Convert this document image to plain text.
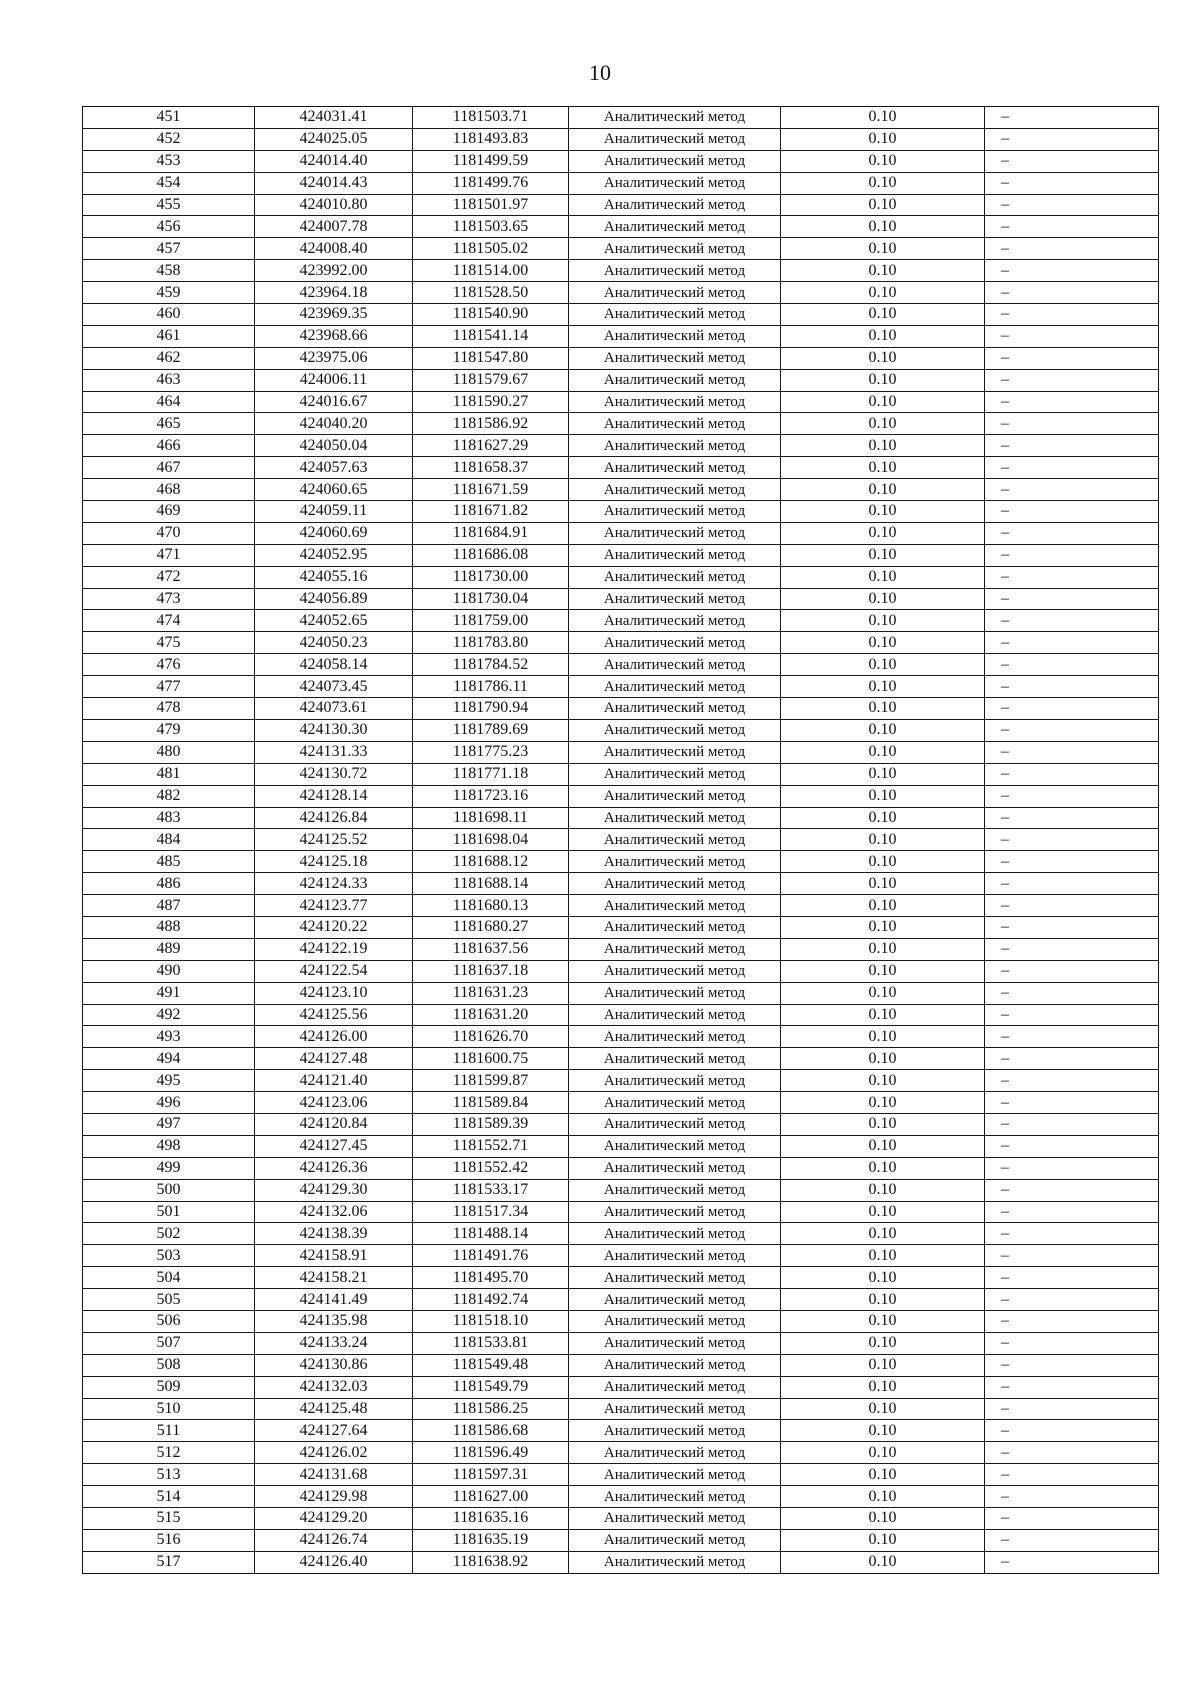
10
451	424031.41	1181503.71	Аналитический метод	0.10	–
452	424025.05	1181493.83	Аналитический метод	0.10	–
453	424014.40	1181499.59	Аналитический метод	0.10	–
454	424014.43	1181499.76	Аналитический метод	0.10	–
455	424010.80	1181501.97	Аналитический метод	0.10	–
456	424007.78	1181503.65	Аналитический метод	0.10	–
457	424008.40	1181505.02	Аналитический метод	0.10	–
458	423992.00	1181514.00	Аналитический метод	0.10	–
459	423964.18	1181528.50	Аналитический метод	0.10	–
460	423969.35	1181540.90	Аналитический метод	0.10	–
461	423968.66	1181541.14	Аналитический метод	0.10	–
462	423975.06	1181547.80	Аналитический метод	0.10	–
463	424006.11	1181579.67	Аналитический метод	0.10	–
464	424016.67	1181590.27	Аналитический метод	0.10	–
465	424040.20	1181586.92	Аналитический метод	0.10	–
466	424050.04	1181627.29	Аналитический метод	0.10	–
467	424057.63	1181658.37	Аналитический метод	0.10	–
468	424060.65	1181671.59	Аналитический метод	0.10	–
469	424059.11	1181671.82	Аналитический метод	0.10	–
470	424060.69	1181684.91	Аналитический метод	0.10	–
471	424052.95	1181686.08	Аналитический метод	0.10	–
472	424055.16	1181730.00	Аналитический метод	0.10	–
473	424056.89	1181730.04	Аналитический метод	0.10	–
474	424052.65	1181759.00	Аналитический метод	0.10	–
475	424050.23	1181783.80	Аналитический метод	0.10	–
476	424058.14	1181784.52	Аналитический метод	0.10	–
477	424073.45	1181786.11	Аналитический метод	0.10	–
478	424073.61	1181790.94	Аналитический метод	0.10	–
479	424130.30	1181789.69	Аналитический метод	0.10	–
480	424131.33	1181775.23	Аналитический метод	0.10	–
481	424130.72	1181771.18	Аналитический метод	0.10	–
482	424128.14	1181723.16	Аналитический метод	0.10	–
483	424126.84	1181698.11	Аналитический метод	0.10	–
484	424125.52	1181698.04	Аналитический метод	0.10	–
485	424125.18	1181688.12	Аналитический метод	0.10	–
486	424124.33	1181688.14	Аналитический метод	0.10	–
487	424123.77	1181680.13	Аналитический метод	0.10	–
488	424120.22	1181680.27	Аналитический метод	0.10	–
489	424122.19	1181637.56	Аналитический метод	0.10	–
490	424122.54	1181637.18	Аналитический метод	0.10	–
491	424123.10	1181631.23	Аналитический метод	0.10	–
492	424125.56	1181631.20	Аналитический метод	0.10	–
493	424126.00	1181626.70	Аналитический метод	0.10	–
494	424127.48	1181600.75	Аналитический метод	0.10	–
495	424121.40	1181599.87	Аналитический метод	0.10	–
496	424123.06	1181589.84	Аналитический метод	0.10	–
497	424120.84	1181589.39	Аналитический метод	0.10	–
498	424127.45	1181552.71	Аналитический метод	0.10	–
499	424126.36	1181552.42	Аналитический метод	0.10	–
500	424129.30	1181533.17	Аналитический метод	0.10	–
501	424132.06	1181517.34	Аналитический метод	0.10	–
502	424138.39	1181488.14	Аналитический метод	0.10	–
503	424158.91	1181491.76	Аналитический метод	0.10	–
504	424158.21	1181495.70	Аналитический метод	0.10	–
505	424141.49	1181492.74	Аналитический метод	0.10	–
506	424135.98	1181518.10	Аналитический метод	0.10	–
507	424133.24	1181533.81	Аналитический метод	0.10	–
508	424130.86	1181549.48	Аналитический метод	0.10	–
509	424132.03	1181549.79	Аналитический метод	0.10	–
510	424125.48	1181586.25	Аналитический метод	0.10	–
511	424127.64	1181586.68	Аналитический метод	0.10	–
512	424126.02	1181596.49	Аналитический метод	0.10	–
513	424131.68	1181597.31	Аналитический метод	0.10	–
514	424129.98	1181627.00	Аналитический метод	0.10	–
515	424129.20	1181635.16	Аналитический метод	0.10	–
516	424126.74	1181635.19	Аналитический метод	0.10	–
517	424126.40	1181638.92	Аналитический метод	0.10	–
